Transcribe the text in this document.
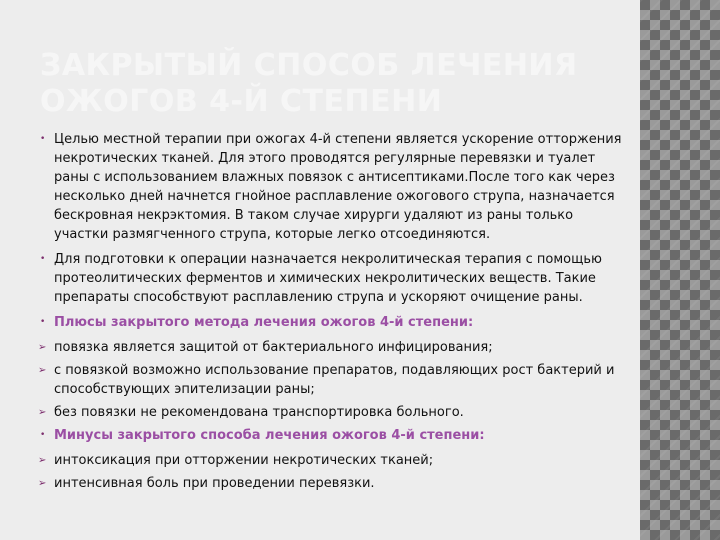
ЗАКРЫТЫЙ СПОСОБ ЛЕЧЕНИЯ ОЖОГОВ 4-Й СТЕПЕНИ
• Целью местной терапии при ожогах 4-й степени является ускорение отторжения некротических тканей. Для этого проводятся регулярные перевязки и туалет раны с использованием влажных повязок с антисептиками.После того как через несколько дней начнется гнойное расплавление ожогового струпа, назначается бескровная некрэктомия. В таком случае хирурги удаляют из раны только участки размягченного струпа, которые легко отсоединяются.
• Для подготовки к операции назначается некролитическая терапия с помощью протеолитических ферментов и химических некролитических веществ. Такие препараты способствуют расплавлению струпа и ускоряют очищение раны.
• Плюсы закрытого метода лечения ожогов 4-й степени:
➢ повязка является защитой от бактериального инфицирования;
➢ с повязкой возможно использование препаратов, подавляющих рост бактерий и способствующих эпителизации раны;
➢ без повязки не рекомендована транспортировка больного.
• Минусы закрытого способа лечения ожогов 4-й степени:
➢ интоксикация при отторжении некротических тканей;
➢ интенсивная боль при проведении перевязки.
